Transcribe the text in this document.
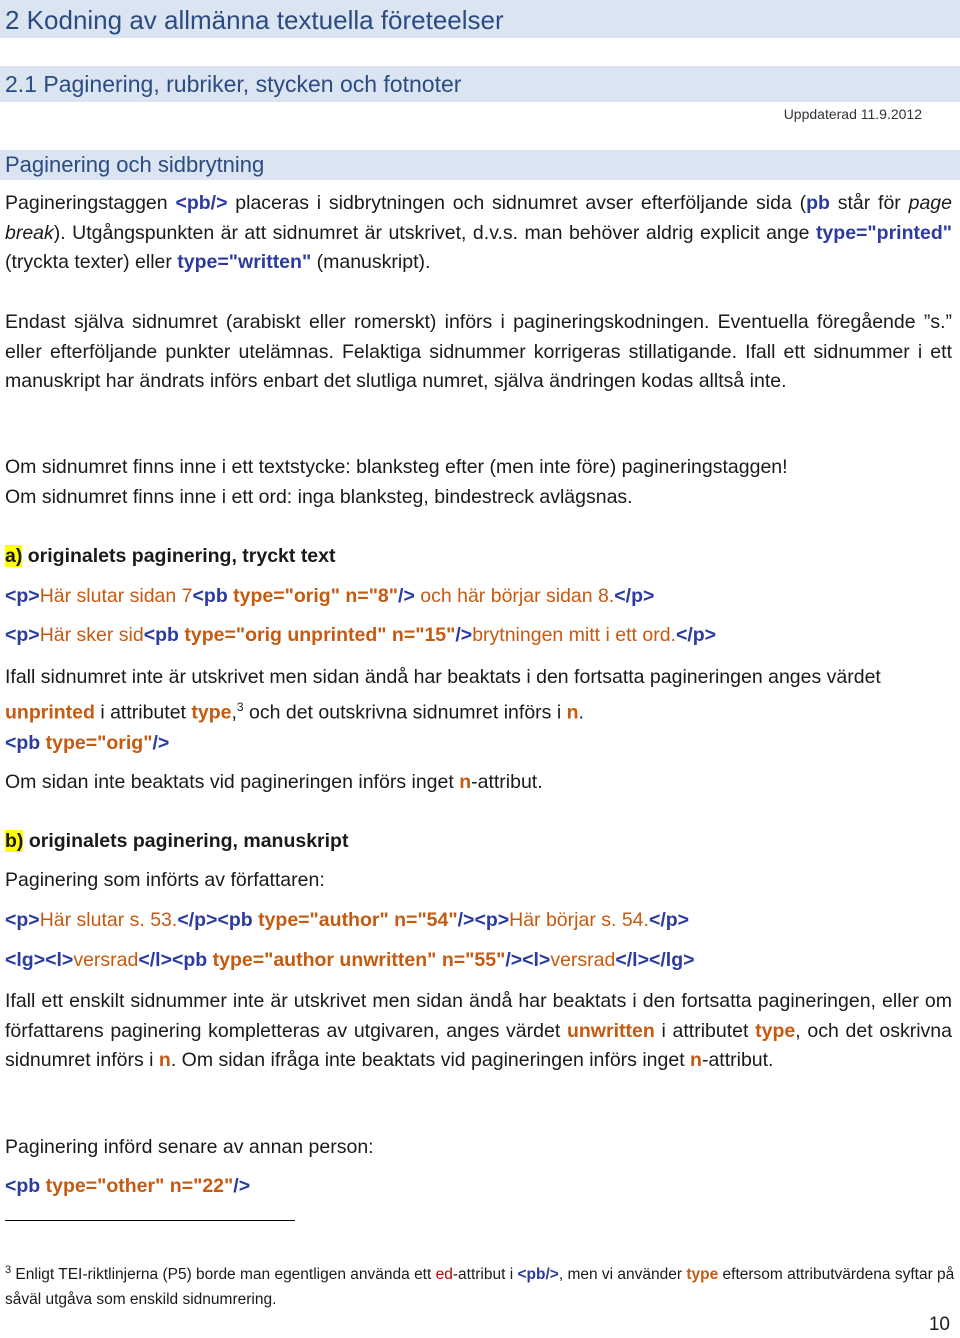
2 Kodning av allmänna textuella företeelser
2.1 Paginering, rubriker, stycken och fotnoter
Uppdaterad 11.9.2012
Paginering och sidbrytning
Pagineringstaggen <pb/> placeras i sidbrytningen och sidnumret avser efterföljande sida (pb står för page break). Utgångspunkten är att sidnumret är utskrivet, d.v.s. man behöver aldrig explicit ange type="printed" (tryckta texter) eller type="written" (manuskript).
Endast själva sidnumret (arabiskt eller romerskt) införs i pagineringskodningen. Eventuella föregående ”s.” eller efterföljande punkter utelämnas. Felaktiga sidnummer korrigeras stillatigande. Ifall ett sidnummer i ett manuskript har ändrats införs enbart det slutliga numret, själva ändringen kodas alltså inte.
Om sidnumret finns inne i ett textstycke: blanksteg efter (men inte före) pagineringstaggen!
Om sidnumret finns inne i ett ord: inga blanksteg, bindestreck avlägsnas.
a) originalets paginering, tryckt text
<p>Här slutar sidan 7<pb type="orig" n="8"/> och här börjar sidan 8.</p>
<p>Här sker sid<pb type="orig unprinted" n="15"/>brytningen mitt i ett ord.</p>
Ifall sidnumret inte är utskrivet men sidan ändå har beaktats i den fortsatta pagineringen anges värdet unprinted i attributet type,$^3$ och det outskrivna sidnumret införs i n.
<pb type="orig"/>
Om sidan inte beaktats vid pagineringen införs inget n-attribut.
b) originalets paginering, manuskript
Paginering som införts av författaren:
<p>Här slutar s. 53.</p><pb type="author" n="54"/><p>Här börjar s. 54.</p>
<lg><l>versrad</l><pb type="author unwritten" n="55"/><l>versrad</l></lg>
Ifall ett enskilt sidnummer inte är utskrivet men sidan ändå har beaktats i den fortsatta pagineringen, eller om författarens paginering kompletteras av utgivaren, anges värdet unwritten i attributet type, och det oskrivna sidnumret införs i n. Om sidan ifråga inte beaktats vid pagineringen införs inget n-attribut.
Paginering införd senare av annan person:
<pb type="other" n="22"/>
$^3$ Enligt TEI-riktlinjerna (P5) borde man egentligen använda ett ed-attribut i <pb/>, men vi använder type eftersom attributvärdena syftar på såväl utgåva som enskild sidnumrering.
10
